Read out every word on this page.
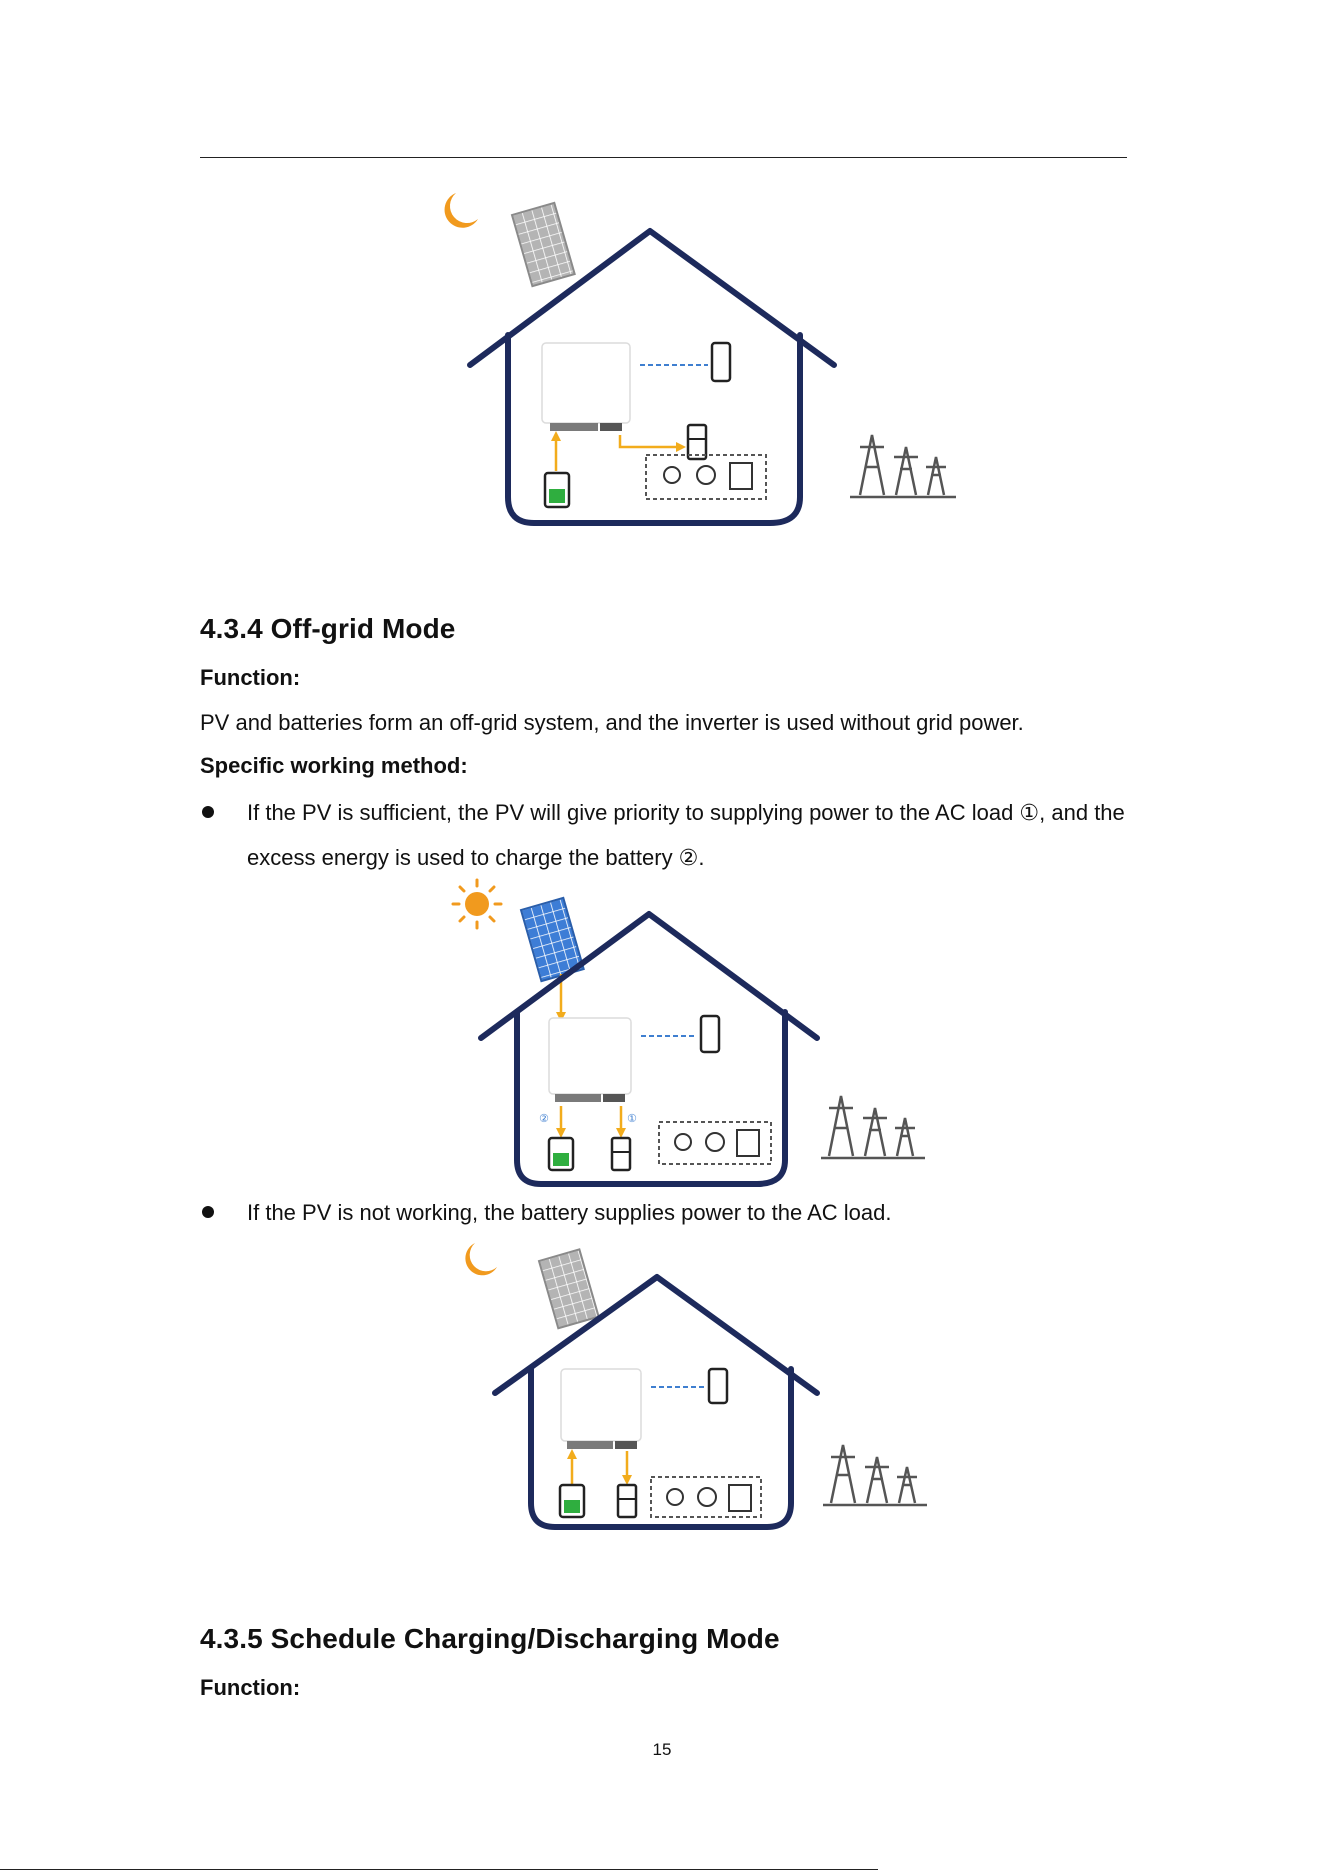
4.3.4 Off-grid Mode

Function:

PV and batteries form an off-grid system, and the inverter is used without grid power.

Specific working method:

If the PV is sufficient, the PV will give priority to supplying power to the AC load ①, and the excess energy is used to charge the battery ②.
②	①
If the PV is not working, the battery supplies power to the AC load.
4.3.5 Schedule Charging/Discharging Mode

Function:

15
